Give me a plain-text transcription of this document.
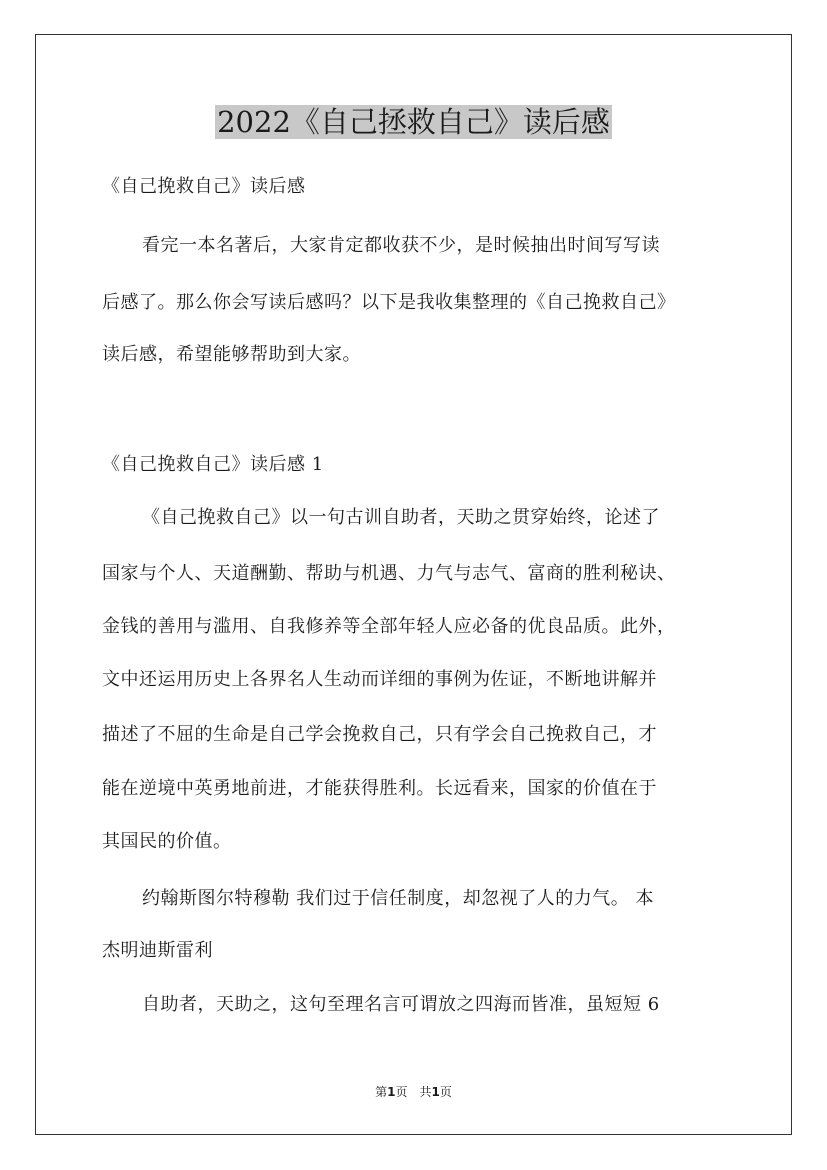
2022《自己拯救自己》读后感
《自己挽救自己》读后感
看完一本名著后，大家肯定都收获不少，是时候抽出时间写写读
后感了。那么你会写读后感吗？以下是我收集整理的《自己挽救自己》
读后感，希望能够帮助到大家。
《自己挽救自己》读后感 1
《自己挽救自己》以一句古训自助者，天助之贯穿始终，论述了
国家与个人、天道酬勤、帮助与机遇、力气与志气、富商的胜利秘诀、
金钱的善用与滥用、自我修养等全部年轻人应必备的优良品质。此外，
文中还运用历史上各界名人生动而详细的事例为佐证，不断地讲解并
描述了不屈的生命是自己学会挽救自己，只有学会自己挽救自己，才
能在逆境中英勇地前进，才能获得胜利。长远看来，国家的价值在于
其国民的价值。
约翰斯图尔特穆勒 我们过于信任制度，却忽视了人的力气。 本
杰明迪斯雷利
自助者，天助之，这句至理名言可谓放之四海而皆准，虽短短 6
第1页　共1页
